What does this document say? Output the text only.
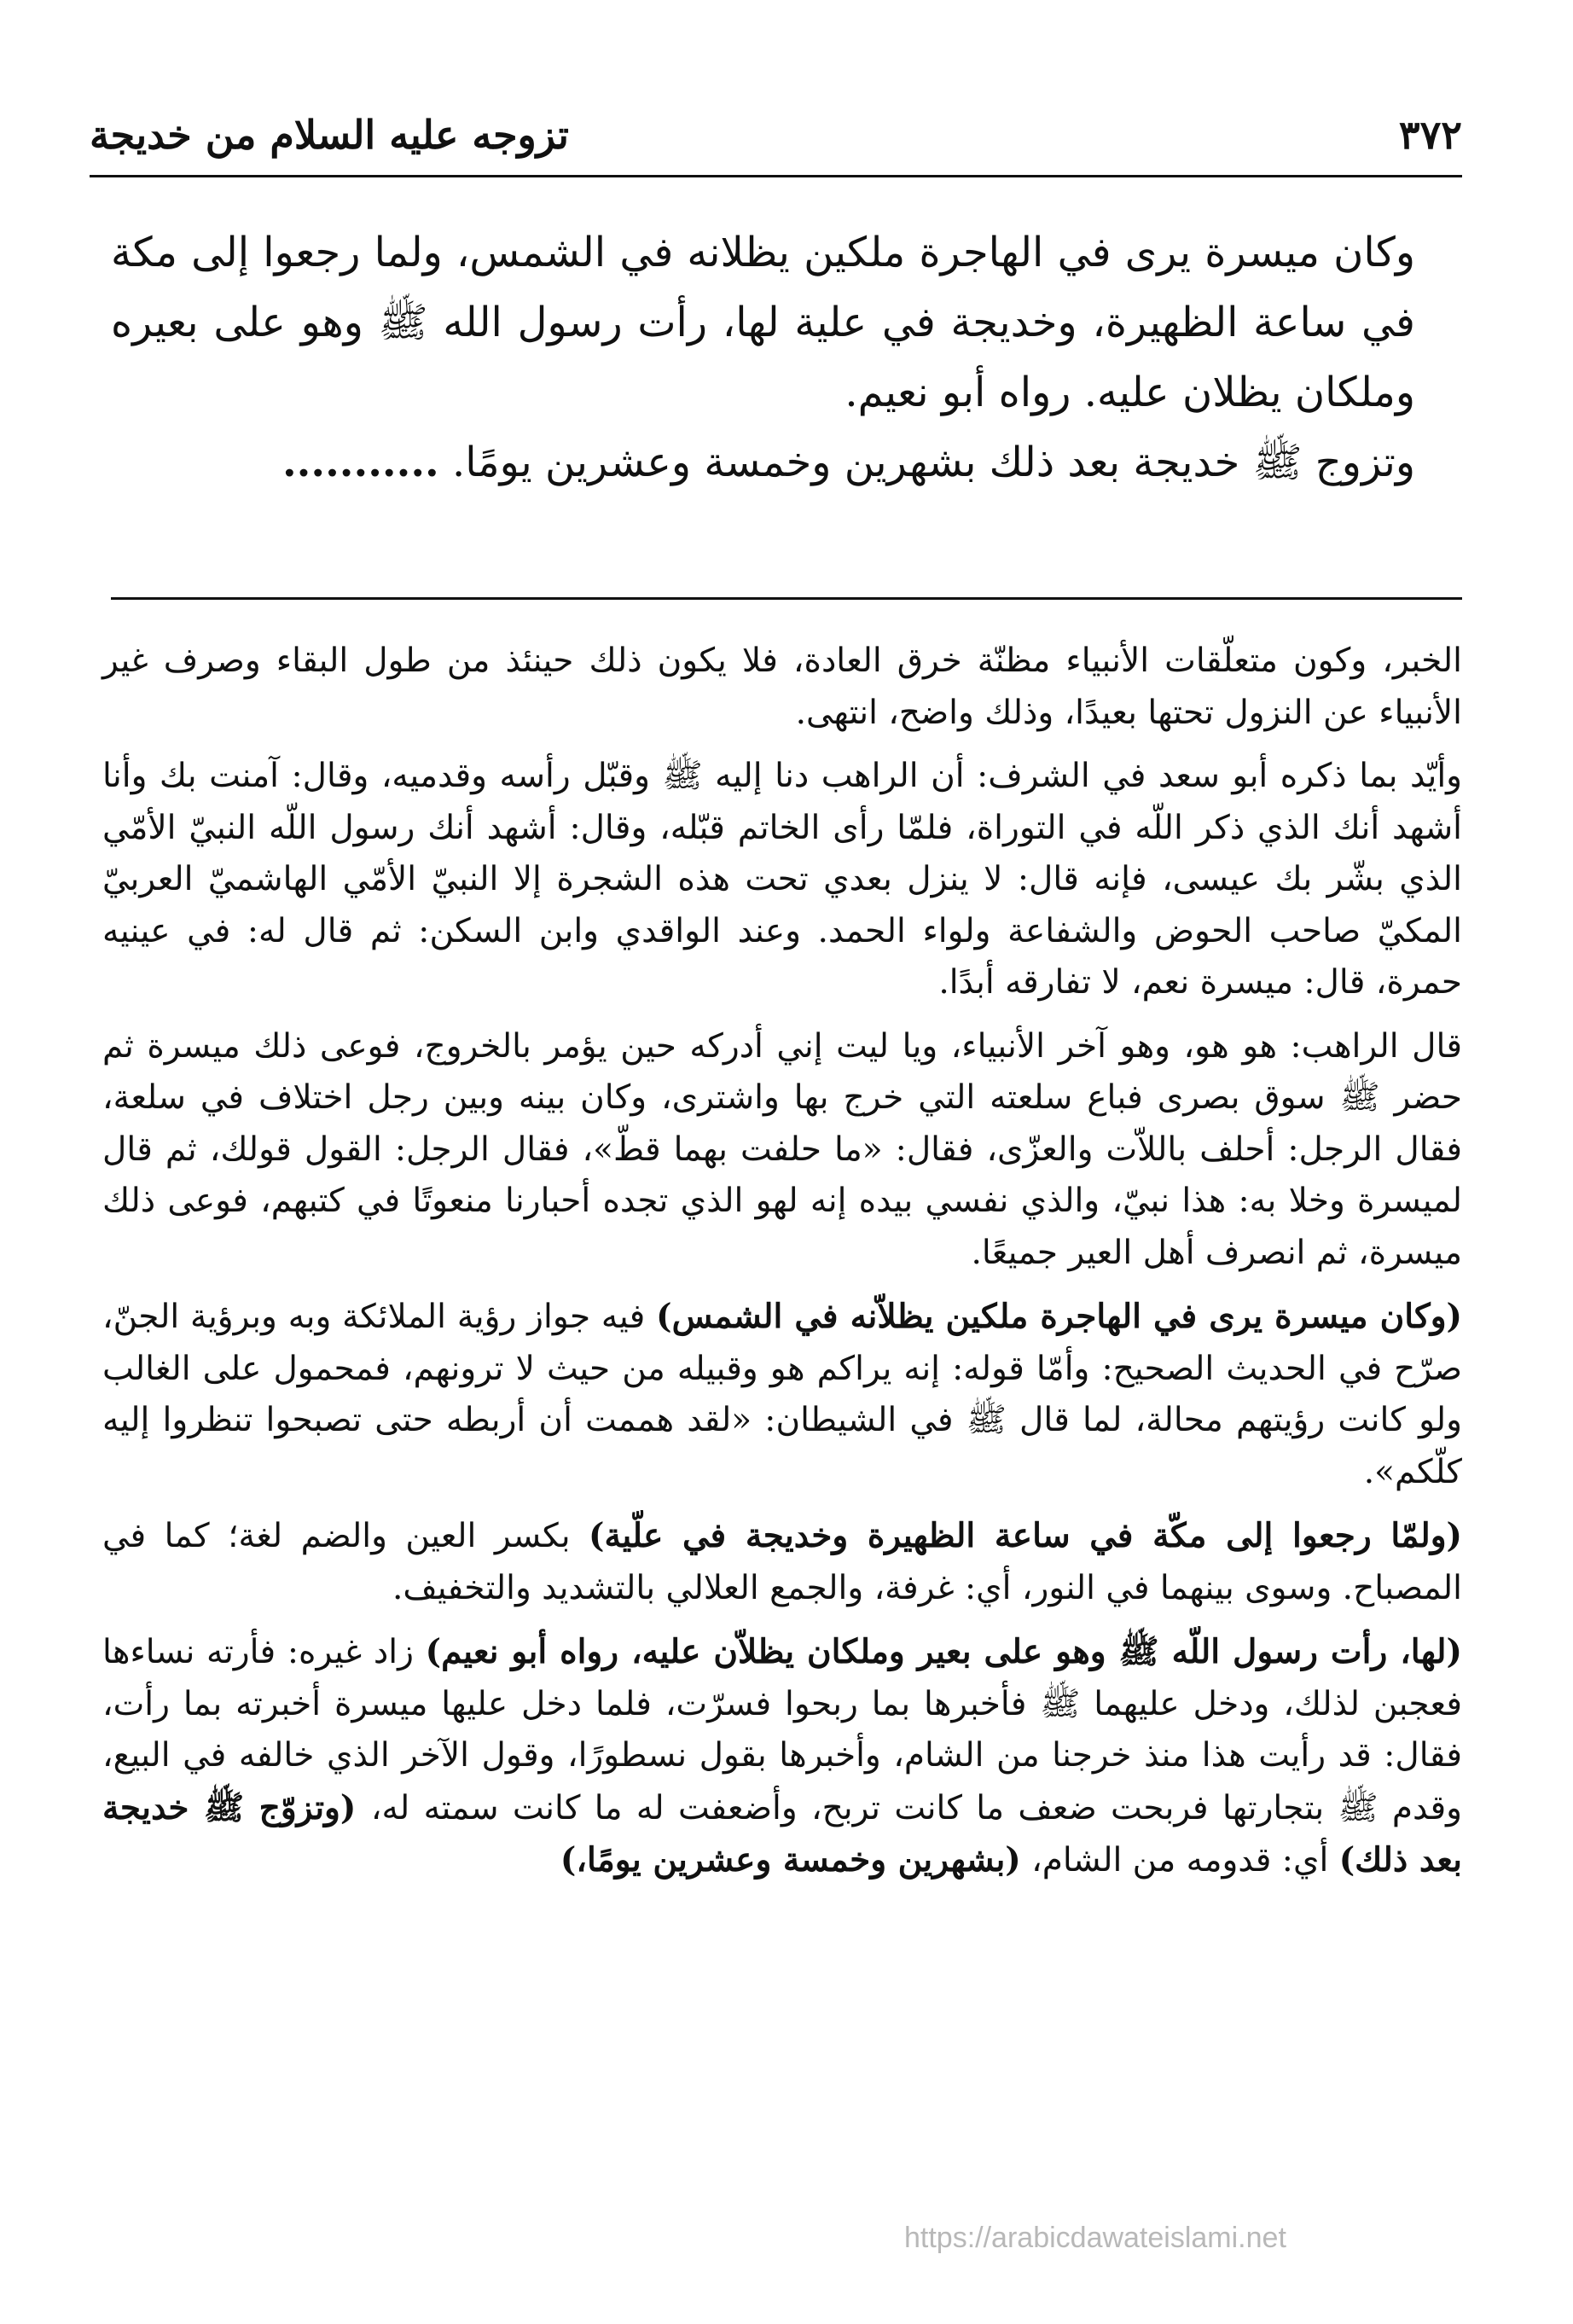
٣٧٢
تزوجه عليه السلام من خديجة

وكان ميسرة يرى في الهاجرة ملكين يظلانه في الشمس، ولما رجعوا إلى مكة في ساعة الظهيرة، وخديجة في علية لها، رأت رسول الله ﷺ وهو على بعيره وملكان يظلان عليه. رواه أبو نعيم.

وتزوج ﷺ خديجة بعد ذلك بشهرين وخمسة وعشرين يومًا. ...........

الخبر، وكون متعلّقات الأنبياء مظنّة خرق العادة، فلا يكون ذلك حينئذ من طول البقاء وصرف غير الأنبياء عن النزول تحتها بعيدًا، وذلك واضح، انتهى.

وأيّد بما ذكره أبو سعد في الشرف: أن الراهب دنا إليه ﷺ وقبّل رأسه وقدميه، وقال: آمنت بك وأنا أشهد أنك الذي ذكر اللّه في التوراة، فلمّا رأى الخاتم قبّله، وقال: أشهد أنك رسول اللّه النبيّ الأمّي الذي بشّر بك عيسى، فإنه قال: لا ينزل بعدي تحت هذه الشجرة إلا النبيّ الأمّي الهاشميّ العربيّ المكيّ صاحب الحوض والشفاعة ولواء الحمد. وعند الواقدي وابن السكن: ثم قال له: في عينيه حمرة، قال: ميسرة نعم، لا تفارقه أبدًا.

قال الراهب: هو هو، وهو آخر الأنبياء، ويا ليت إني أدركه حين يؤمر بالخروج، فوعى ذلك ميسرة ثم حضر ﷺ سوق بصرى فباع سلعته التي خرج بها واشترى، وكان بينه وبين رجل اختلاف في سلعة، فقال الرجل: أحلف باللاّت والعزّى، فقال: «ما حلفت بهما قطّ»، فقال الرجل: القول قولك، ثم قال لميسرة وخلا به: هذا نبيّ، والذي نفسي بيده إنه لهو الذي تجده أحبارنا منعوتًا في كتبهم، فوعى ذلك ميسرة، ثم انصرف أهل العير جميعًا.

(وكان ميسرة يرى في الهاجرة ملكين يظلاّنه في الشمس) فيه جواز رؤية الملائكة وبه وبرؤية الجنّ، صرّح في الحديث الصحيح: وأمّا قوله: إنه يراكم هو وقبيله من حيث لا ترونهم، فمحمول على الغالب ولو كانت رؤيتهم محالة، لما قال ﷺ في الشيطان: «لقد هممت أن أربطه حتى تصبحوا تنظروا إليه كلّكم».

(ولمّا رجعوا إلى مكّة في ساعة الظهيرة وخديجة في علّية) بكسر العين والضم لغة؛ كما في المصباح. وسوى بينهما في النور، أي: غرفة، والجمع العلالي بالتشديد والتخفيف.

(لها، رأت رسول اللّه ﷺ وهو على بعير وملكان يظلاّن عليه، رواه أبو نعيم) زاد غيره: فأرته نساءها فعجبن لذلك، ودخل عليهما ﷺ فأخبرها بما ربحوا فسرّت، فلما دخل عليها ميسرة أخبرته بما رأت، فقال: قد رأيت هذا منذ خرجنا من الشام، وأخبرها بقول نسطورًا، وقول الآخر الذي خالفه في البيع، وقدم ﷺ بتجارتها فربحت ضعف ما كانت تربح، وأضعفت له ما كانت سمته له، (وتزوّج ﷺ خديجة بعد ذلك) أي: قدومه من الشام، (بشهرين وخمسة وعشرين يومًا،)

https://arabicdawateislami.net
